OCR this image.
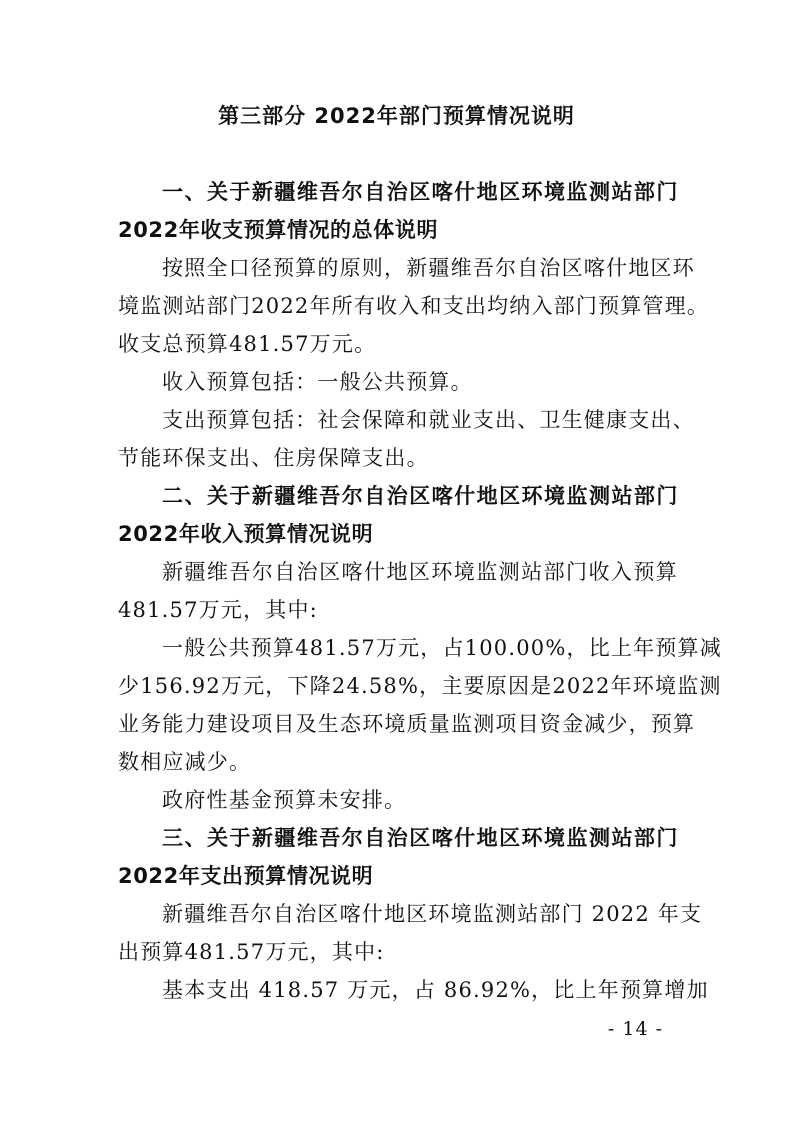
第三部分 2022年部门预算情况说明
一、关于新疆维吾尔自治区喀什地区环境监测站部门
2022年收支预算情况的总体说明
按照全口径预算的原则，新疆维吾尔自治区喀什地区环
境监测站部门2022年所有收入和支出均纳入部门预算管理。
收支总预算481.57万元。
收入预算包括：一般公共预算。
支出预算包括：社会保障和就业支出、卫生健康支出、
节能环保支出、住房保障支出。
二、关于新疆维吾尔自治区喀什地区环境监测站部门
2022年收入预算情况说明
新疆维吾尔自治区喀什地区环境监测站部门收入预算
481.57万元，其中:
一般公共预算481.57万元，占100.00%，比上年预算减
少156.92万元，下降24.58%，主要原因是2022年环境监测
业务能力建设项目及生态环境质量监测项目资金减少，预算
数相应减少。
政府性基金预算未安排。
三、关于新疆维吾尔自治区喀什地区环境监测站部门
2022年支出预算情况说明
新疆维吾尔自治区喀什地区环境监测站部门 2022 年支
出预算481.57万元，其中:
基本支出 418.57 万元，占 86.92%，比上年预算增加
- 14 -
